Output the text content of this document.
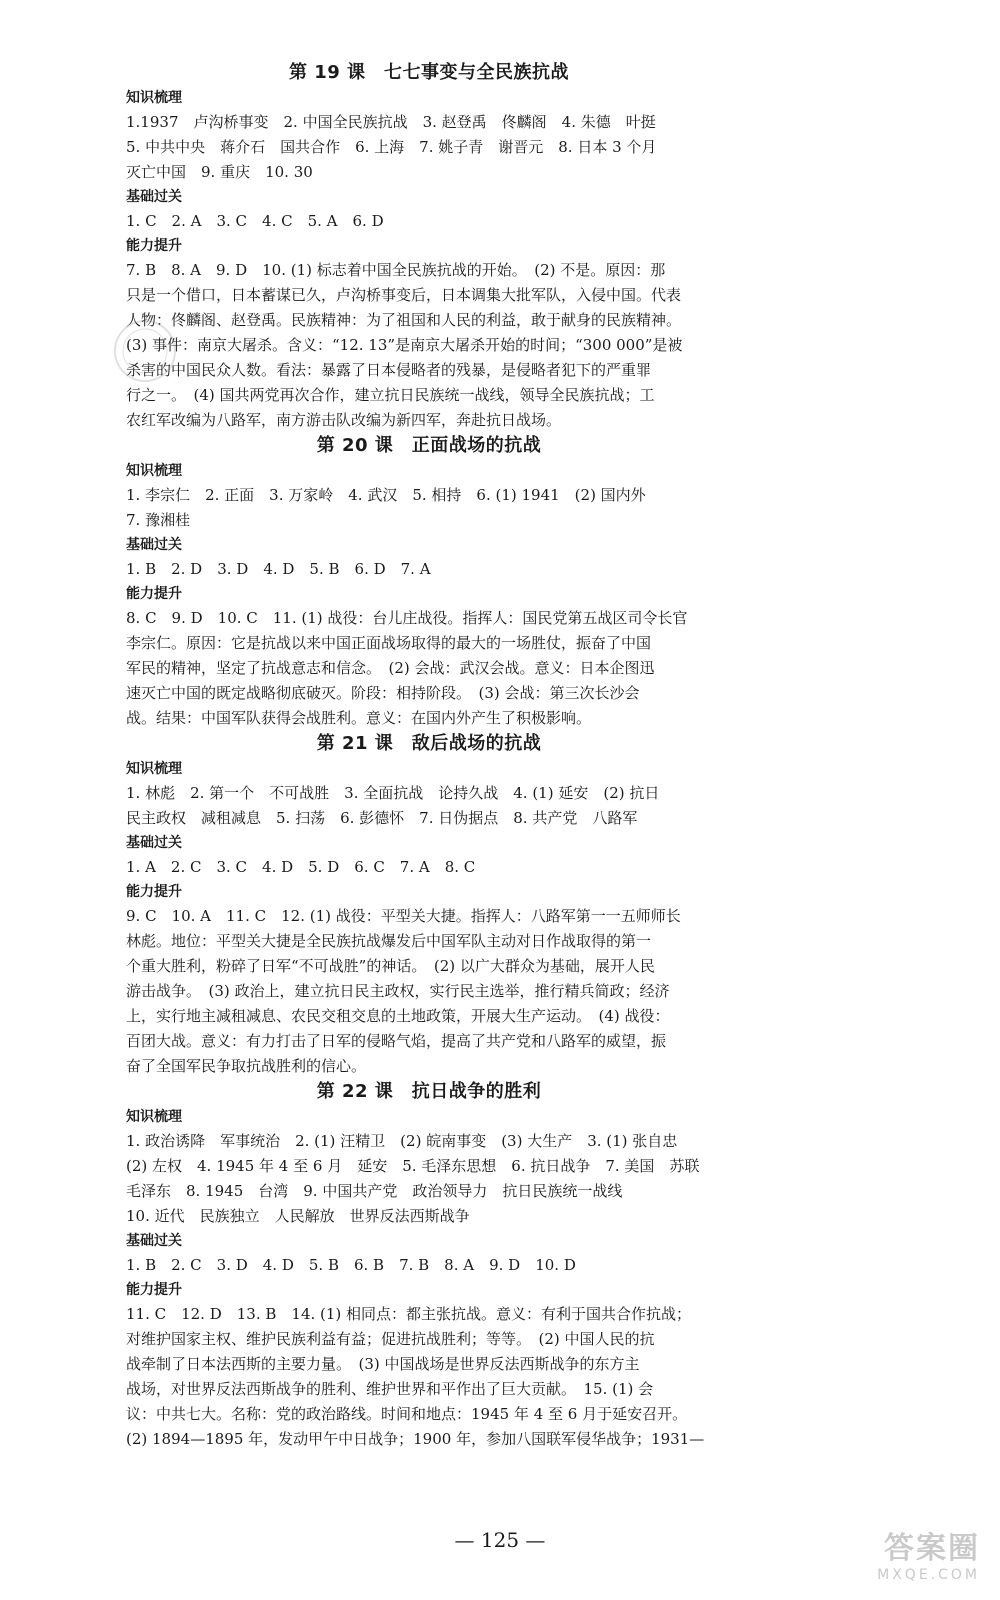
第 19 课　七七事变与全民族抗战
知识梳理
1.1937　卢沟桥事变　2. 中国全民族抗战　3. 赵登禹　佟麟阁　4. 朱德　叶挺
5. 中共中央　蒋介石　国共合作　6. 上海　7. 姚子青　谢晋元　8. 日本 3 个月
灭亡中国　9. 重庆　10. 30
基础过关
1. C　2. A　3. C　4. C　5. A　6. D
能力提升
7. B　8. A　9. D　10. (1) 标志着中国全民族抗战的开始。　(2) 不是。原因：那
只是一个借口，日本蓄谋已久，卢沟桥事变后，日本调集大批军队，入侵中国。代表
人物：佟麟阁、赵登禹。民族精神：为了祖国和人民的利益，敢于献身的民族精神。
(3) 事件：南京大屠杀。含义：“12. 13”是南京大屠杀开始的时间；“300 000”是被
杀害的中国民众人数。看法：暴露了日本侵略者的残暴，是侵略者犯下的严重罪
行之一。　(4) 国共两党再次合作，建立抗日民族统一战线，领导全民族抗战；工
农红军改编为八路军，南方游击队改编为新四军，奔赴抗日战场。
第 20 课　正面战场的抗战
知识梳理
1. 李宗仁　2. 正面　3. 万家岭　4. 武汉　5. 相持　6. (1) 1941　(2) 国内外
7. 豫湘桂
基础过关
1. B　2. D　3. D　4. D　5. B　6. D　7. A
能力提升
8. C　9. D　10. C　11. (1) 战役：台儿庄战役。指挥人：国民党第五战区司令长官
李宗仁。原因：它是抗战以来中国正面战场取得的最大的一场胜仗，振奋了中国
军民的精神，坚定了抗战意志和信念。　(2) 会战：武汉会战。意义：日本企图迅
速灭亡中国的既定战略彻底破灭。阶段：相持阶段。　(3) 会战：第三次长沙会
战。结果：中国军队获得会战胜利。意义：在国内外产生了积极影响。
第 21 课　敌后战场的抗战
知识梳理
1. 林彪　2. 第一个　不可战胜　3. 全面抗战　论持久战　4. (1) 延安　(2) 抗日
民主政权　减租减息　5. 扫荡　6. 彭德怀　7. 日伪据点　8. 共产党　八路军
基础过关
1. A　2. C　3. C　4. D　5. D　6. C　7. A　8. C
能力提升
9. C　10. A　11. C　12. (1) 战役：平型关大捷。指挥人：八路军第一一五师师长
林彪。地位：平型关大捷是全民族抗战爆发后中国军队主动对日作战取得的第一
个重大胜利，粉碎了日军“不可战胜”的神话。　(2) 以广大群众为基础，展开人民
游击战争。　(3) 政治上，建立抗日民主政权，实行民主选举，推行精兵简政；经济
上，实行地主减租减息、农民交租交息的土地政策，开展大生产运动。　(4) 战役：
百团大战。意义：有力打击了日军的侵略气焰，提高了共产党和八路军的威望，振
奋了全国军民争取抗战胜利的信心。
第 22 课　抗日战争的胜利
知识梳理
1. 政治诱降　军事统治　2. (1) 汪精卫　(2) 皖南事变　(3) 大生产　3. (1) 张自忠
(2) 左权　4. 1945 年 4 至 6 月　延安　5. 毛泽东思想　6. 抗日战争　7. 美国　苏联
毛泽东　8. 1945　台湾　9. 中国共产党　政治领导力　抗日民族统一战线
10. 近代　民族独立　人民解放　世界反法西斯战争
基础过关
1. B　2. C　3. D　4. D　5. B　6. B　7. B　8. A　9. D　10. D
能力提升
11. C　12. D　13. B　14. (1) 相同点：都主张抗战。意义：有利于国共合作抗战；
对维护国家主权、维护民族利益有益；促进抗战胜利；等等。　(2) 中国人民的抗
战牵制了日本法西斯的主要力量。　(3) 中国战场是世界反法西斯战争的东方主
战场，对世界反法西斯战争的胜利、维护世界和平作出了巨大贡献。　15. (1) 会
议：中共七大。名称：党的政治路线。时间和地点：1945 年 4 至 6 月于延安召开。
(2) 1894—1895 年，发动甲午中日战争；1900 年，参加八国联军侵华战争；1931—
— 125 —	答案圈
MXQE.COM
